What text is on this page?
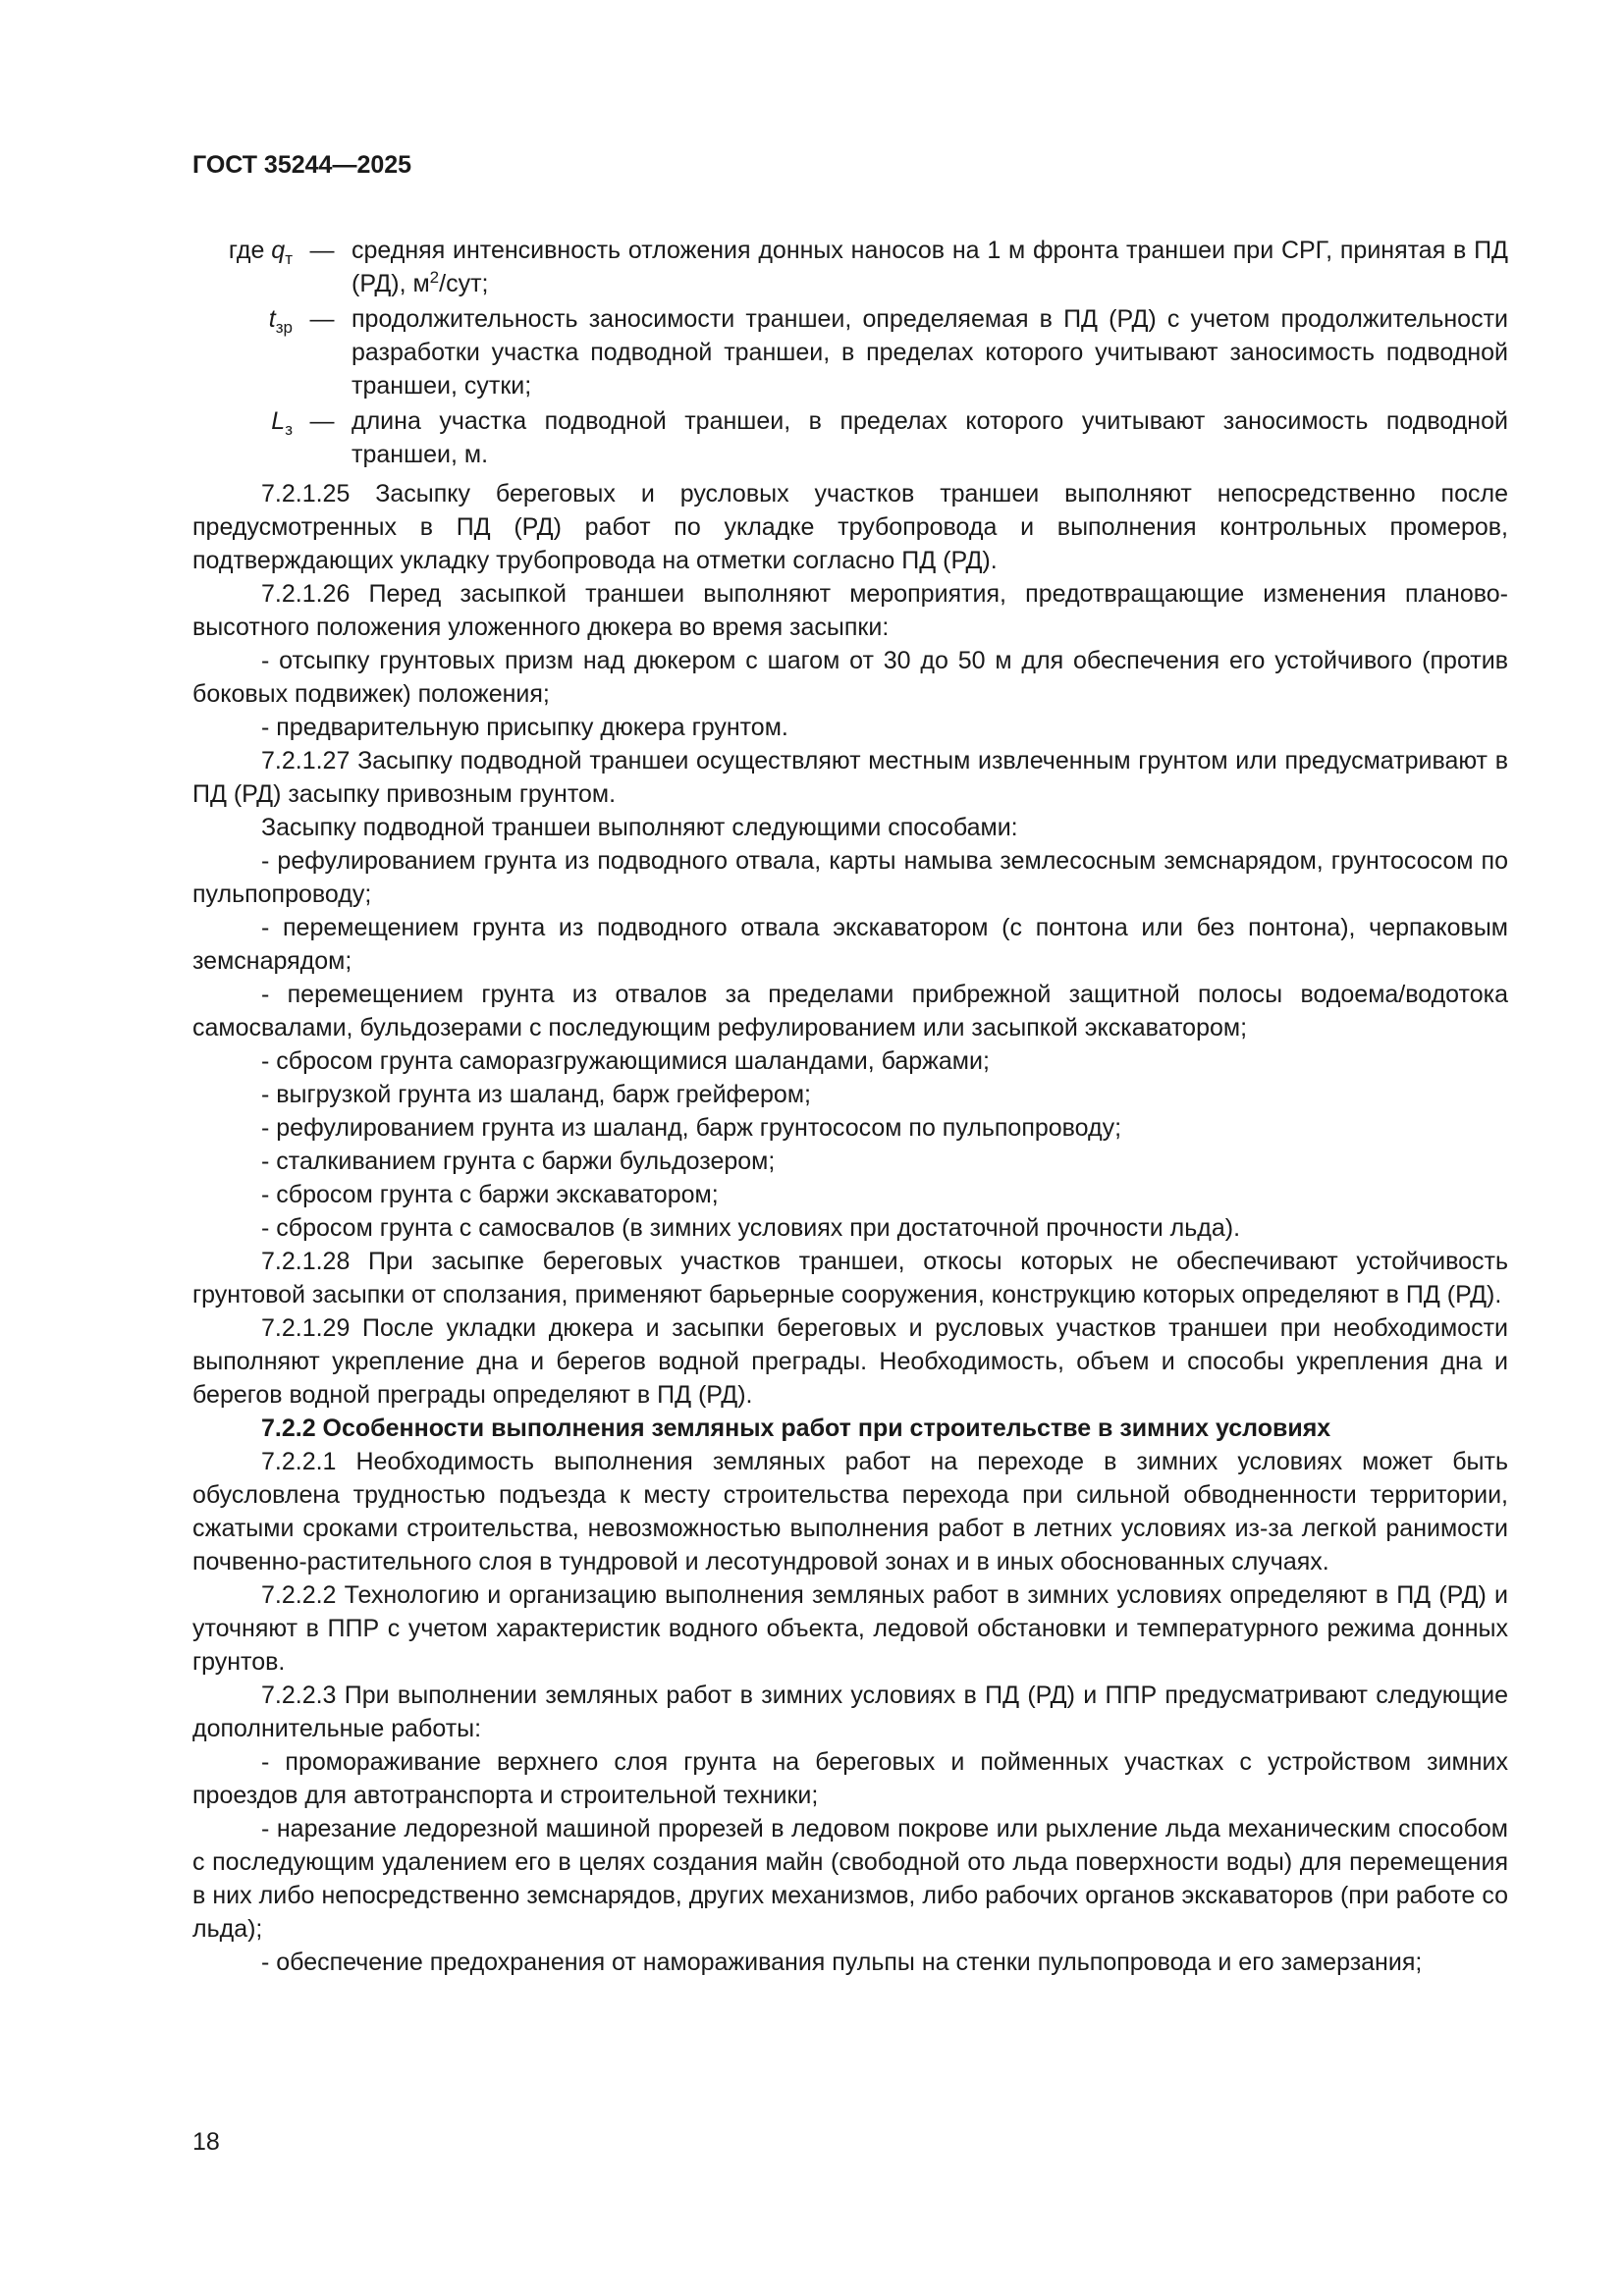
ГОСТ 35244—2025
где $q_т$ — средняя интенсивность отложения донных наносов на 1 м фронта траншеи при СРГ, принятая в ПД (РД), $м^2$/сут;
$t_{зр}$ — продолжительность заносимости траншеи, определяемая в ПД (РД) с учетом продолжительности разработки участка подводной траншеи, в пределах которого учитывают заносимость подводной траншеи, сутки;
$L_з$ — длина участка подводной траншеи, в пределах которого учитывают заносимость подводной траншеи, м.

7.2.1.25 Засыпку береговых и русловых участков траншеи выполняют непосредственно после предусмотренных в ПД (РД) работ по укладке трубопровода и выполнения контрольных промеров, подтверждающих укладку трубопровода на отметки согласно ПД (РД).

7.2.1.26 Перед засыпкой траншеи выполняют мероприятия, предотвращающие изменения планово-высотного положения уложенного дюкера во время засыпки:

- отсыпку грунтовых призм над дюкером с шагом от 30 до 50 м для обеспечения его устойчивого (против боковых подвижек) положения;

- предварительную присыпку дюкера грунтом.

7.2.1.27 Засыпку подводной траншеи осуществляют местным извлеченным грунтом или предусматривают в ПД (РД) засыпку привозным грунтом.

Засыпку подводной траншеи выполняют следующими способами:

- рефулированием грунта из подводного отвала, карты намыва землесосным земснарядом, грунтососом по пульпопроводу;

- перемещением грунта из подводного отвала экскаватором (с понтона или без понтона), черпаковым земснарядом;

- перемещением грунта из отвалов за пределами прибрежной защитной полосы водоема/водотока самосвалами, бульдозерами с последующим рефулированием или засыпкой экскаватором;

- сбросом грунта саморазгружающимися шаландами, баржами;

- выгрузкой грунта из шаланд, барж грейфером;

- рефулированием грунта из шаланд, барж грунтососом по пульпопроводу;

- сталкиванием грунта с баржи бульдозером;

- сбросом грунта с баржи экскаватором;

- сбросом грунта с самосвалов (в зимних условиях при достаточной прочности льда).

7.2.1.28 При засыпке береговых участков траншеи, откосы которых не обеспечивают устойчивость грунтовой засыпки от сползания, применяют барьерные сооружения, конструкцию которых определяют в ПД (РД).

7.2.1.29 После укладки дюкера и засыпки береговых и русловых участков траншеи при необходимости выполняют укрепление дна и берегов водной преграды. Необходимость, объем и способы укрепления дна и берегов водной преграды определяют в ПД (РД).

7.2.2 Особенности выполнения земляных работ при строительстве в зимних условиях

7.2.2.1 Необходимость выполнения земляных работ на переходе в зимних условиях может быть обусловлена трудностью подъезда к месту строительства перехода при сильной обводненности территории, сжатыми сроками строительства, невозможностью выполнения работ в летних условиях из-за легкой ранимости почвенно-растительного слоя в тундровой и лесотундровой зонах и в иных обоснованных случаях.

7.2.2.2 Технологию и организацию выполнения земляных работ в зимних условиях определяют в ПД (РД) и уточняют в ППР с учетом характеристик водного объекта, ледовой обстановки и температурного режима донных грунтов.

7.2.2.3 При выполнении земляных работ в зимних условиях в ПД (РД) и ППР предусматривают следующие дополнительные работы:

- промораживание верхнего слоя грунта на береговых и пойменных участках с устройством зимних проездов для автотранспорта и строительной техники;

- нарезание ледорезной машиной прорезей в ледовом покрове или рыхление льда механическим способом с последующим удалением его в целях создания майн (свободной ото льда поверхности воды) для перемещения в них либо непосредственно земснарядов, других механизмов, либо рабочих органов экскаваторов (при работе со льда);

- обеспечение предохранения от намораживания пульпы на стенки пульпопровода и его замерзания;

18
